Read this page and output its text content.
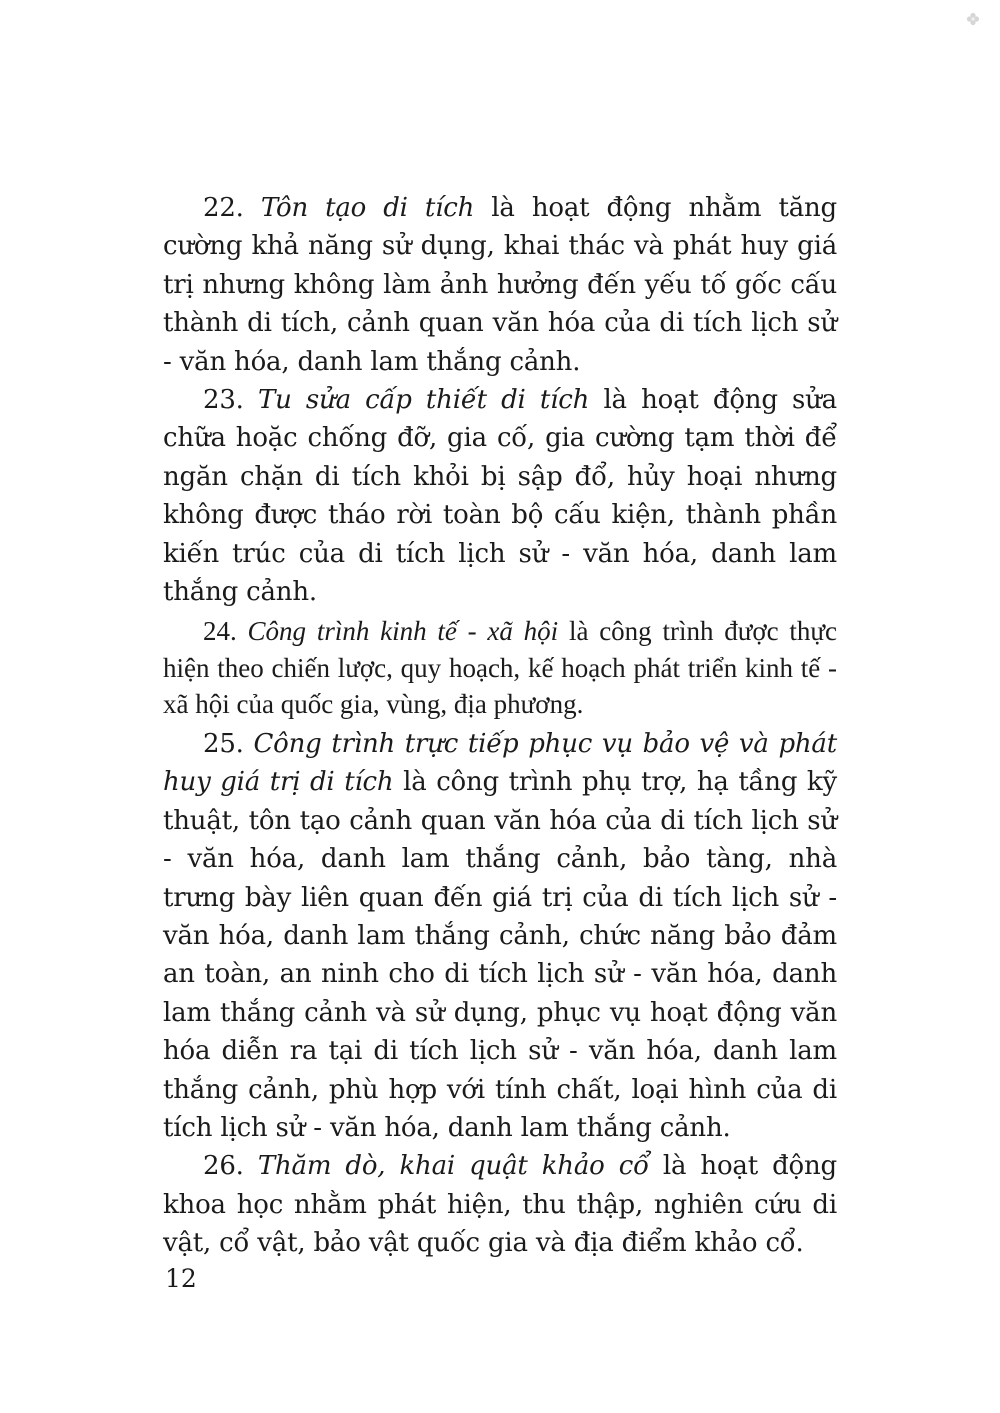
22. Tôn tạo di tích là hoạt động nhằm tăng cường khả năng sử dụng, khai thác và phát huy giá trị nhưng không làm ảnh hưởng đến yếu tố gốc cấu thành di tích, cảnh quan văn hóa của di tích lịch sử - văn hóa, danh lam thắng cảnh.

23. Tu sửa cấp thiết di tích là hoạt động sửa chữa hoặc chống đỡ, gia cố, gia cường tạm thời để ngăn chặn di tích khỏi bị sập đổ, hủy hoại nhưng không được tháo rời toàn bộ cấu kiện, thành phần kiến trúc của di tích lịch sử - văn hóa, danh lam thắng cảnh.

24. Công trình kinh tế - xã hội là công trình được thực hiện theo chiến lược, quy hoạch, kế hoạch phát triển kinh tế - xã hội của quốc gia, vùng, địa phương.

25. Công trình trực tiếp phục vụ bảo vệ và phát huy giá trị di tích là công trình phụ trợ, hạ tầng kỹ thuật, tôn tạo cảnh quan văn hóa của di tích lịch sử - văn hóa, danh lam thắng cảnh, bảo tàng, nhà trưng bày liên quan đến giá trị của di tích lịch sử - văn hóa, danh lam thắng cảnh, chức năng bảo đảm an toàn, an ninh cho di tích lịch sử - văn hóa, danh lam thắng cảnh và sử dụng, phục vụ hoạt động văn hóa diễn ra tại di tích lịch sử - văn hóa, danh lam thắng cảnh, phù hợp với tính chất, loại hình của di tích lịch sử - văn hóa, danh lam thắng cảnh.

26. Thăm dò, khai quật khảo cổ là hoạt động khoa học nhằm phát hiện, thu thập, nghiên cứu di vật, cổ vật, bảo vật quốc gia và địa điểm khảo cổ.

12
